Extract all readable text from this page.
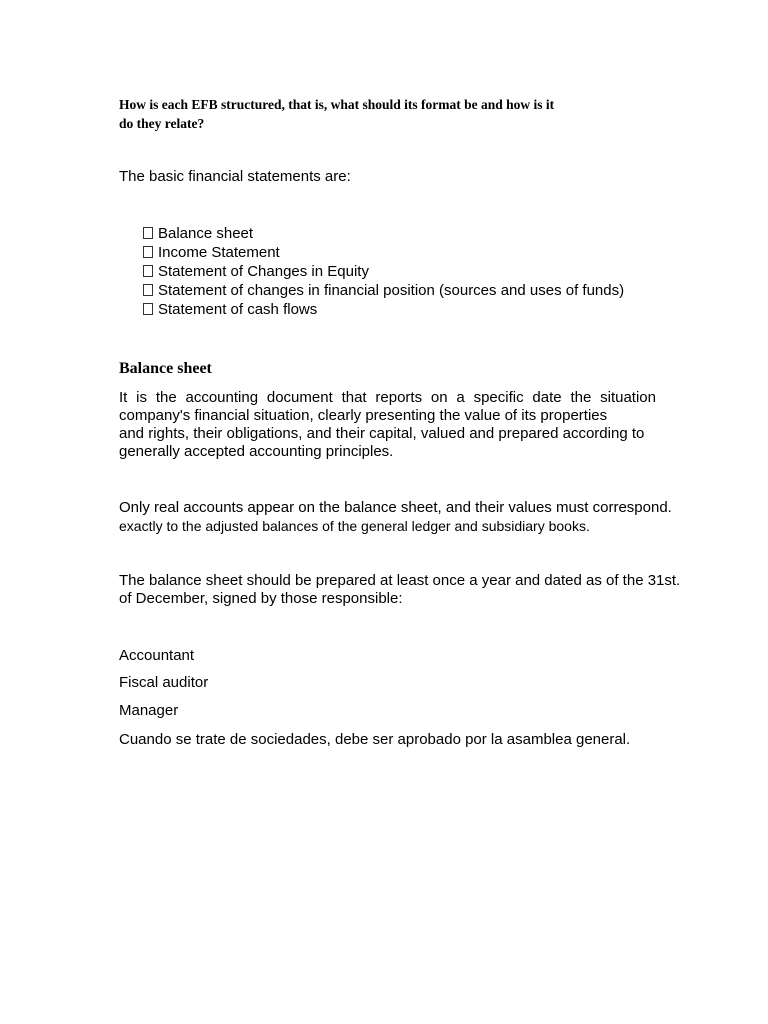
How is each EFB structured, that is, what should its format be and how is it
do they relate?

The basic financial statements are:

Balance sheet
Income Statement
Statement of Changes in Equity
Statement of changes in financial position (sources and uses of funds)
Statement of cash flows
Balance sheet
It is the accounting document that reports on a specific date the situation
company's financial situation, clearly presenting the value of its properties
and rights, their obligations, and their capital, valued and prepared according to
generally accepted accounting principles.
Only real accounts appear on the balance sheet, and their values must correspond.
exactly to the adjusted balances of the general ledger and subsidiary books.
The balance sheet should be prepared at least once a year and dated as of the 31st.
of December, signed by those responsible:

Accountant

Fiscal auditor

Manager

Cuando se trate de sociedades, debe ser aprobado por la asamblea general.
